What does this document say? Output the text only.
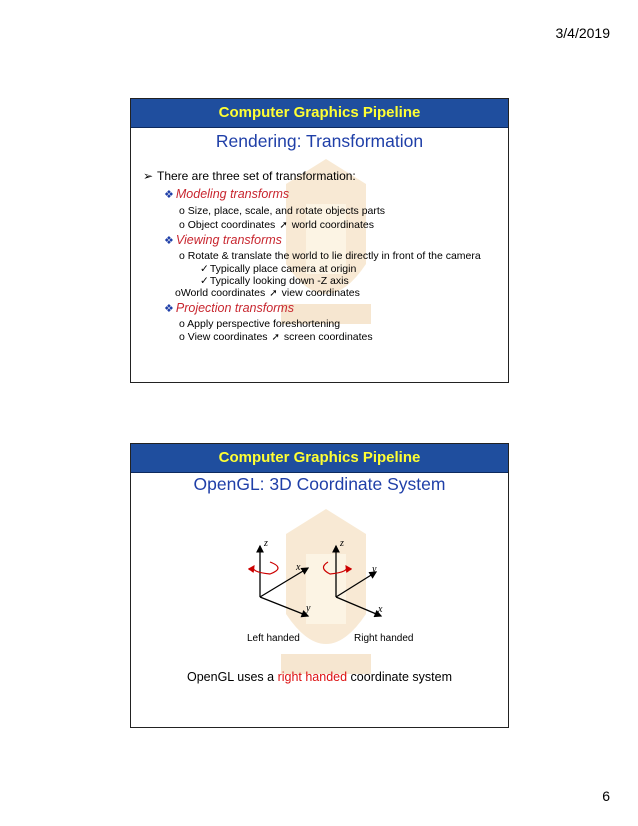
3/4/2019
Computer Graphics Pipeline
Rendering: Transformation
➢ There are three set of transformation:
❖ Modeling transforms
o Size, place, scale, and rotate objects parts
o Object coordinates ➚ world coordinates
❖ Viewing transforms
o Rotate & translate the world to lie directly in front of the camera
✓Typically place camera at origin
✓Typically looking down -Z axis
oWorld coordinates ➚ view coordinates
❖ Projection transforms
o Apply perspective foreshortening
o View coordinates ➚ screen coordinates
Computer Graphics Pipeline
OpenGL: 3D Coordinate System
z
x
y
z
y
x
Left handed	Right handed
OpenGL uses a right handed coordinate system
6
